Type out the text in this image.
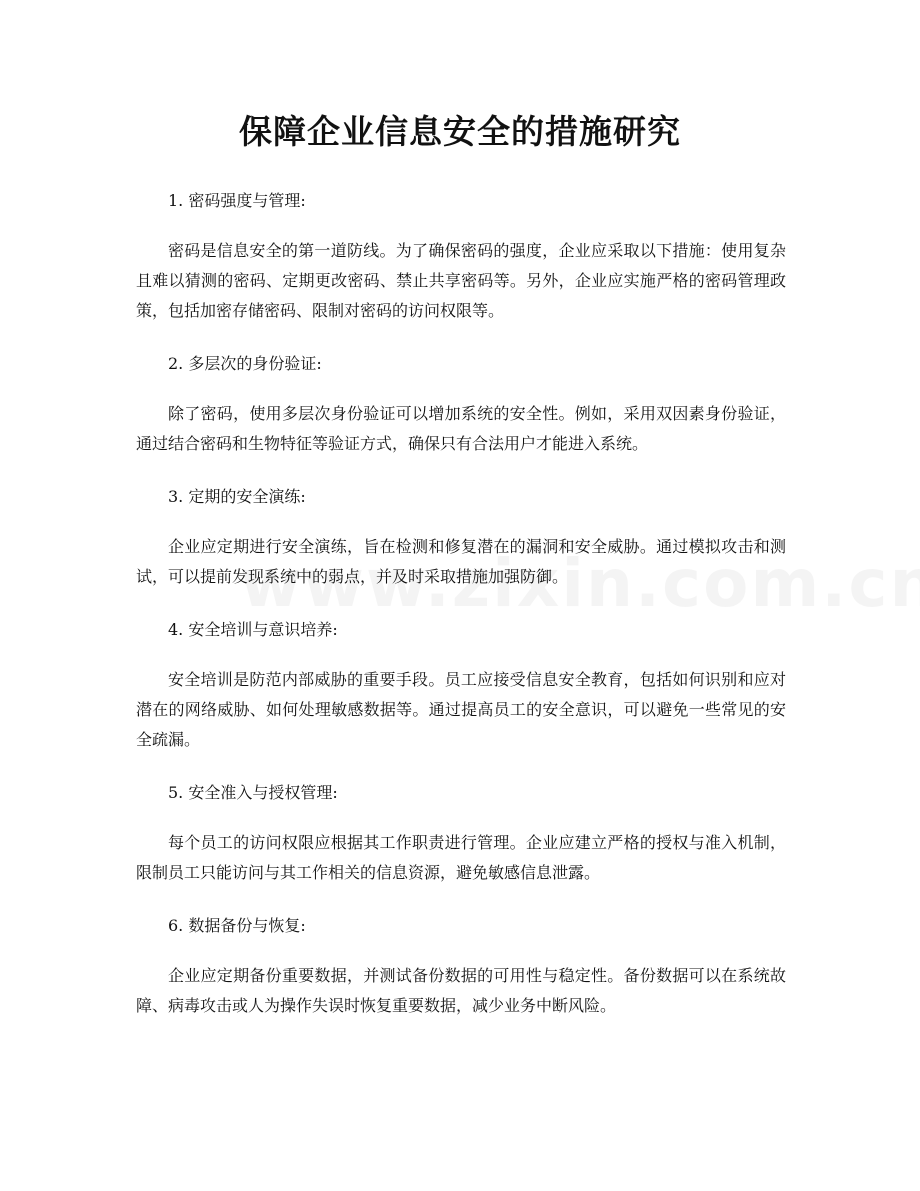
保障企业信息安全的措施研究

1. 密码强度与管理:

密码是信息安全的第一道防线。为了确保密码的强度，企业应采取以下措施：使用复杂且难以猜测的密码、定期更改密码、禁止共享密码等。另外，企业应实施严格的密码管理政策，包括加密存储密码、限制对密码的访问权限等。

2. 多层次的身份验证:

除了密码，使用多层次身份验证可以增加系统的安全性。例如，采用双因素身份验证，通过结合密码和生物特征等验证方式，确保只有合法用户才能进入系统。

3. 定期的安全演练:

企业应定期进行安全演练，旨在检测和修复潜在的漏洞和安全威胁。通过模拟攻击和测试，可以提前发现系统中的弱点，并及时采取措施加强防御。

4. 安全培训与意识培养:

安全培训是防范内部威胁的重要手段。员工应接受信息安全教育，包括如何识别和应对潜在的网络威胁、如何处理敏感数据等。通过提高员工的安全意识，可以避免一些常见的安全疏漏。

5. 安全准入与授权管理:

每个员工的访问权限应根据其工作职责进行管理。企业应建立严格的授权与准入机制，限制员工只能访问与其工作相关的信息资源，避免敏感信息泄露。

6. 数据备份与恢复:

企业应定期备份重要数据，并测试备份数据的可用性与稳定性。备份数据可以在系统故障、病毒攻击或人为操作失误时恢复重要数据，减少业务中断风险。
